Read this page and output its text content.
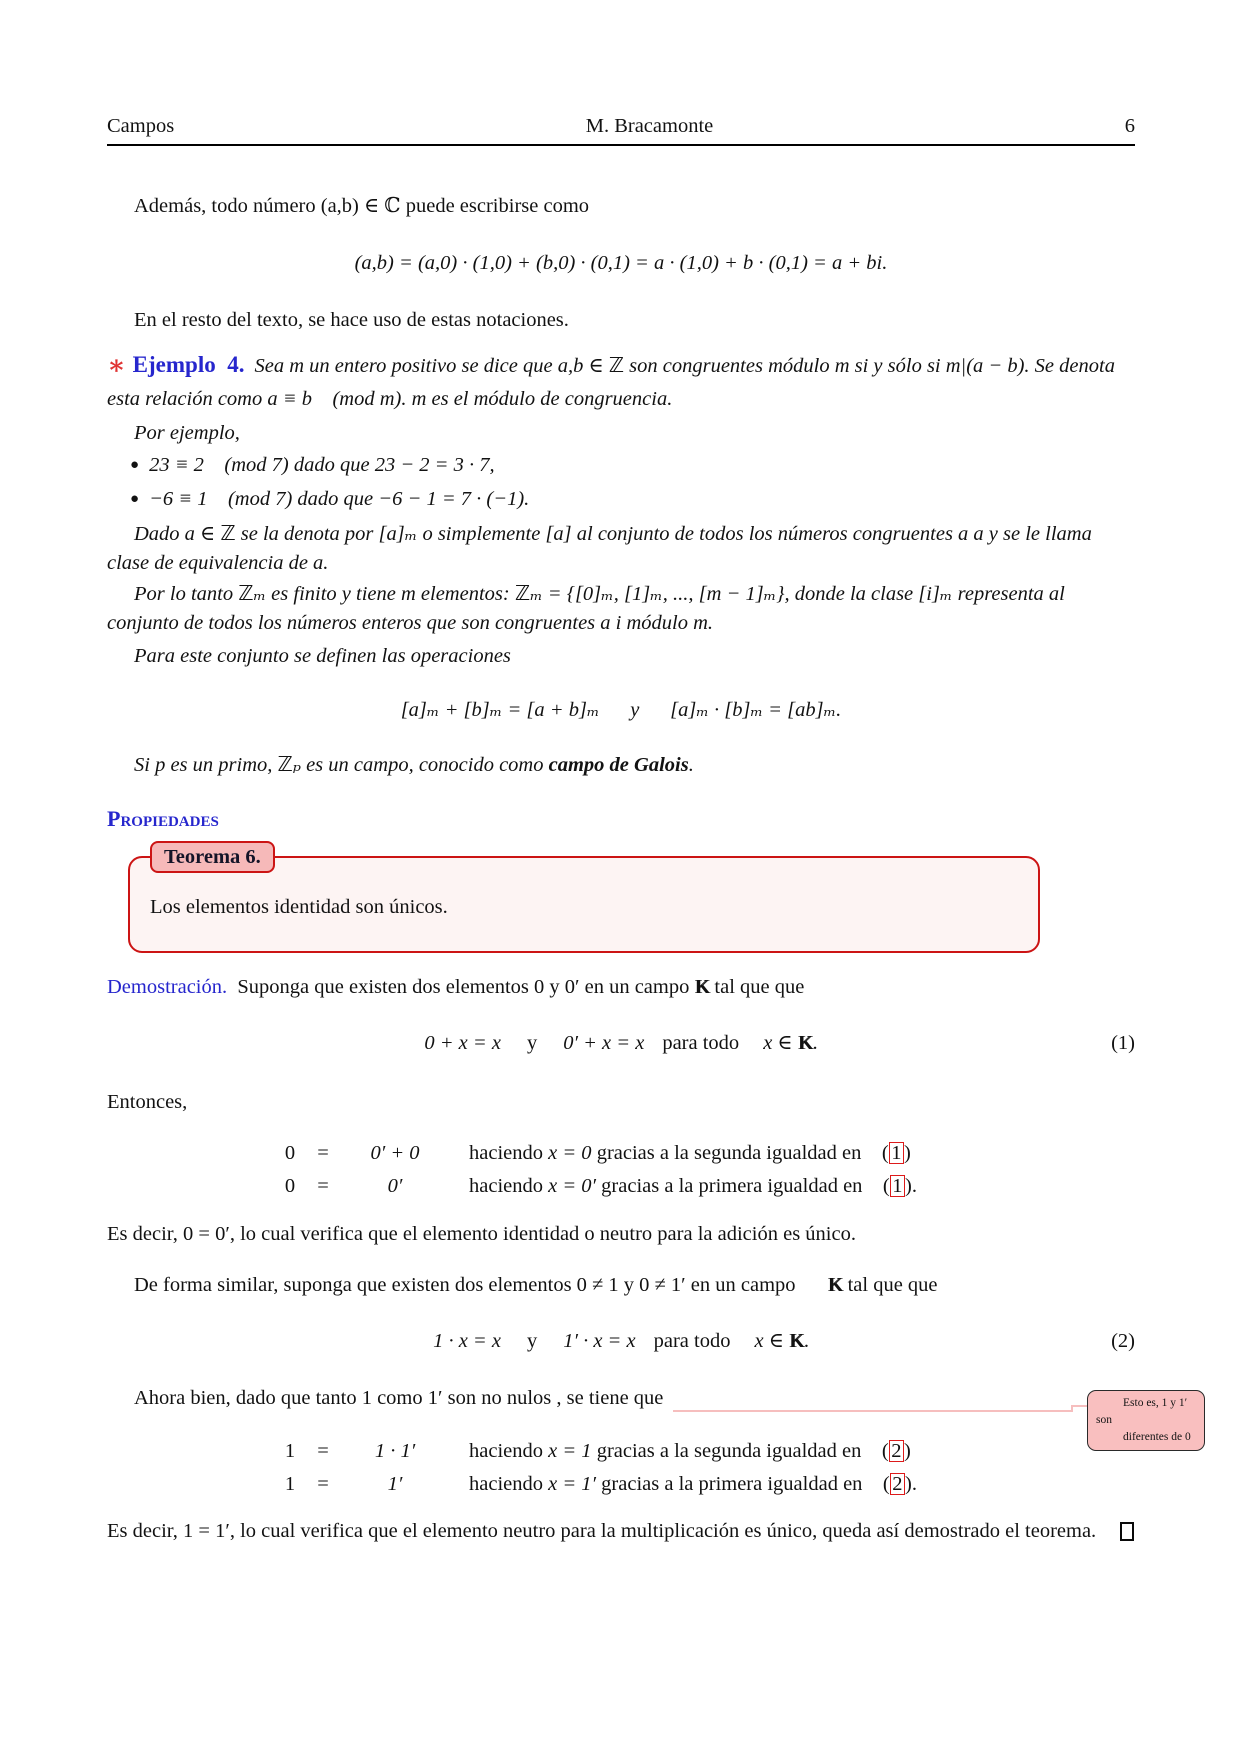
Campos	M. Bracamonte	6

Además, todo número (a,b) ∈ ℂ puede escribirse como

(a,b) = (a,0) · (1,0) + (b,0) · (0,1) = a · (1,0) + b · (0,1) = a + bi.

En el resto del texto, se hace uso de estas notaciones.

∗ Ejemplo  4. Sea m un entero positivo se dice que a,b ∈ ℤ son congruentes módulo m si y sólo si m|(a − b). Se denota esta relación como a ≡ b    (mod m). m es el módulo de congruencia.

Por ejemplo,

● 23 ≡ 2    (mod 7) dado que 23 − 2 = 3 · 7,

● −6 ≡ 1    (mod 7) dado que −6 − 1 = 7 · (−1).

Dado a ∈ ℤ se la denota por [a]ₘ o simplemente [a] al conjunto de todos los números congruentes a a y se le llama clase de equivalencia de a.

Por lo tanto ℤₘ es finito y tiene m elementos: ℤₘ = {[0]ₘ, [1]ₘ, ..., [m − 1]ₘ}, donde la clase [i]ₘ representa al conjunto de todos los números enteros que son congruentes a i módulo m.

Para este conjunto se definen las operaciones

[a]ₘ + [b]ₘ = [a + b]ₘ      y      [a]ₘ · [b]ₘ = [ab]ₘ.

Si p es un primo, ℤₚ es un campo, conocido como campo de Galois.

Propiedades
Teorema 6.

Los elementos identidad son únicos.

Demostración.  Suponga que existen dos elementos 0 y 0′ en un campo K K tal que que

0 + x = x y 0′ + x = x para todo x ∈ K K.	(1)

Entonces,

0	=	0′ + 0	haciendo x = 0 gracias a la segunda igualdad en    ( 1 )
0	=	0′	haciendo x = 0′ gracias a la primera igualdad en    ( 1 ).

Es decir, 0 = 0′, lo cual verifica que el elemento identidad o neutro para la adición es único.

De forma similar, suponga que existen dos elementos 0 ≠ 1 y 0 ≠ 1′ en un campo K K tal que que

1 · x = x y 1′ · x = x para todo x ∈ K K.	(2)

Ahora bien, dado que tanto 1 como 1′ son no nulos , se tiene que	Esto es, 1 y 1′ son
diferentes de 0

1	=	1 · 1′	haciendo x = 1 gracias a la segunda igualdad en    ( 2 )
1	=	1′	haciendo x = 1′ gracias a la primera igualdad en    ( 2 ).

Es decir, 1 = 1′, lo cual verifica que el elemento neutro para la multiplicación es único, queda así demostrado el teorema.
